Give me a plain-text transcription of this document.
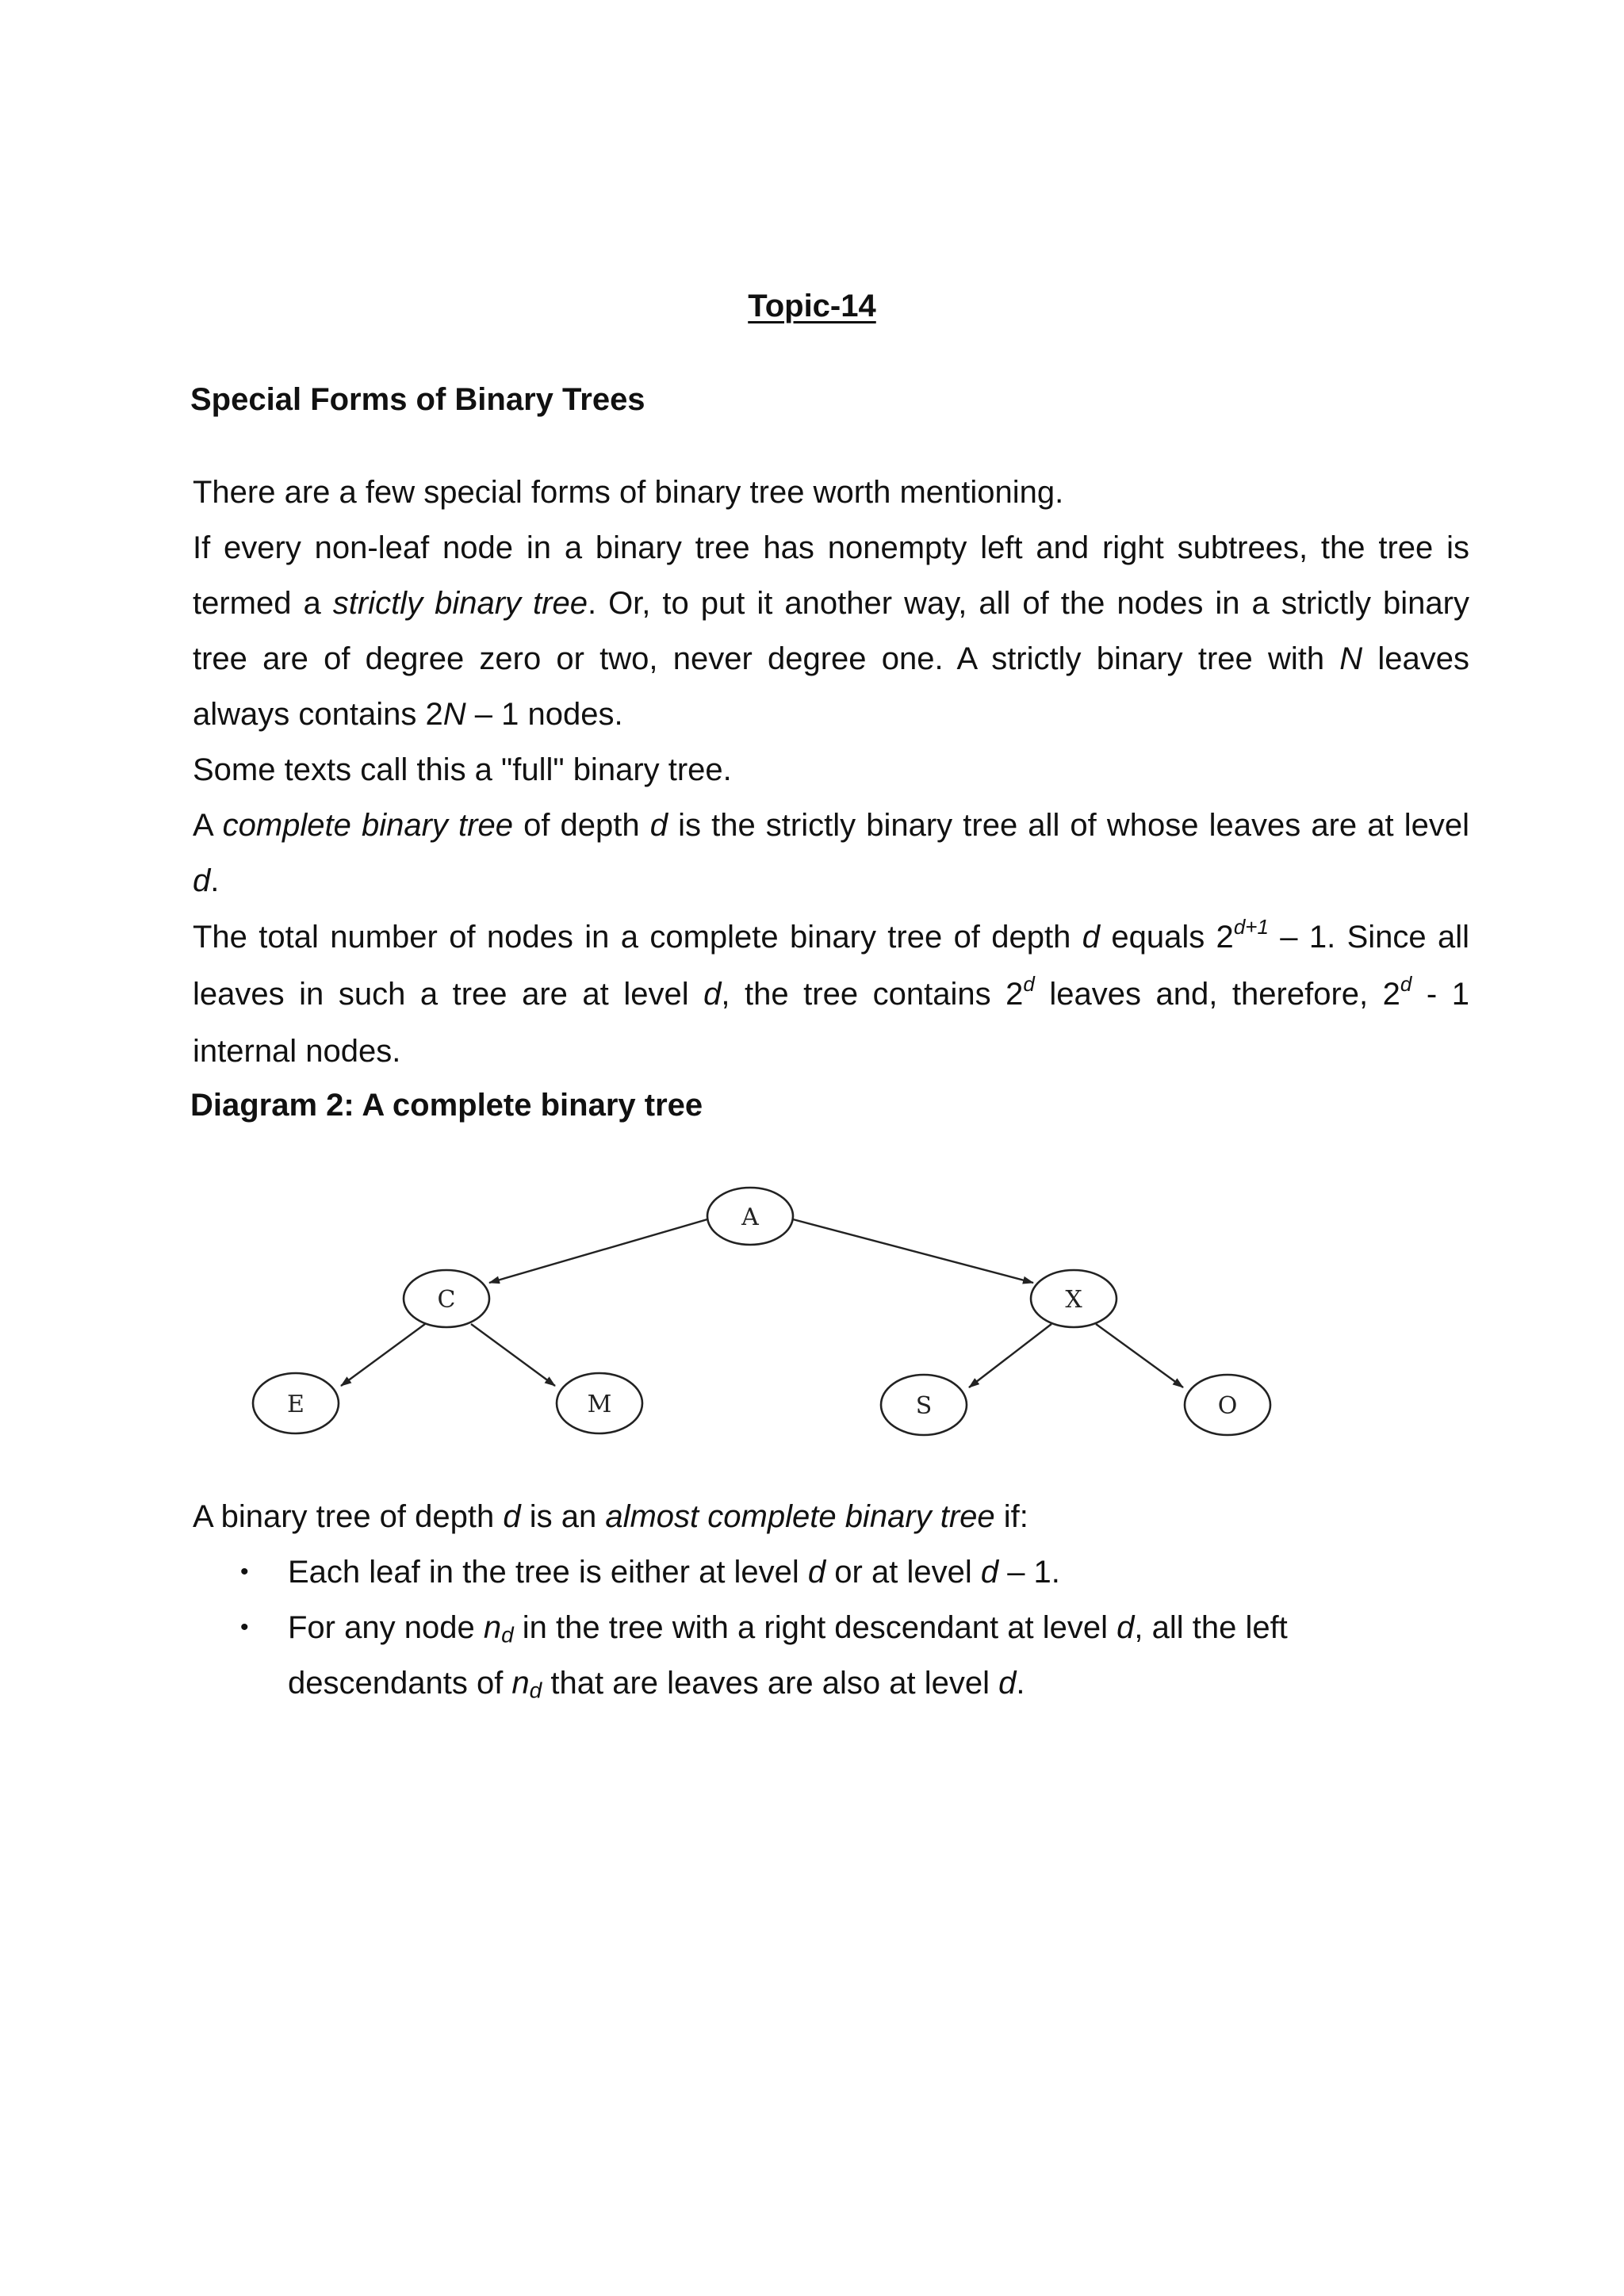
Topic-14
Special Forms of Binary Trees

There are a few special forms of binary tree worth mentioning.

If every non-leaf node in a binary tree has nonempty left and right subtrees, the tree is termed a strictly binary tree. Or, to put it another way, all of the nodes in a strictly binary tree are of degree zero or two, never degree one. A strictly binary tree with N leaves always contains 2N – 1 nodes.

Some texts call this a "full" binary tree.

A complete binary tree of depth d is the strictly binary tree all of whose leaves are at level d.

The total number of nodes in a complete binary tree of depth d equals $2^{d+1} - 1$. Since all leaves in such a tree are at level d, the tree contains 2$^d$ leaves and, therefore, 2$^d$ - 1 internal nodes.

Diagram 2: A complete binary tree
A
C	X
E	M	S	O

A binary tree of depth d is an almost complete binary tree if:

• Each leaf in the tree is either at level d or at level d – 1.
• For any node $n_d$ in the tree with a right descendant at level d, all the left descendants of $n_d$ that are leaves are also at level d.
